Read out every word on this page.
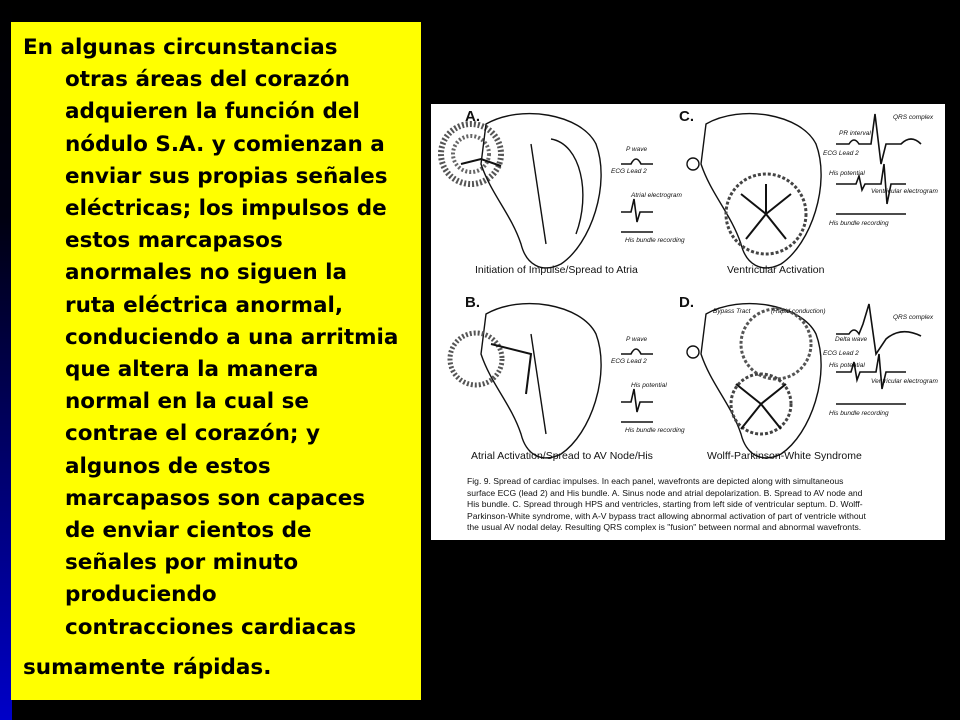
En algunas circunstancias
otras áreas del corazón
adquieren la función del
nódulo S.A. y comienzan a
enviar sus propias señales
eléctricas; los impulsos de
estos marcapasos
anormales no siguen la
ruta eléctrica anormal,
conduciendo a una arritmia
que altera la manera
normal en la cual se
contrae el corazón; y
algunos de estos
marcapasos son capaces
de enviar cientos de
señales por minuto
produciendo
contracciones cardiacas

sumamente rápidas.

A.	C.
B.	D.
Initiation of Impulse/Spread to Atria	Ventricular Activation
Atrial Activation/Spread to AV Node/His	Wolff-Parkinson-White Syndrome
P wave
ECG Lead 2
Atrial electrogram
His bundle recording
PR interval
QRS complex
ECG Lead 2
His potential
Ventricular electrogram
His bundle recording
P wave
ECG Lead 2
His potential
His bundle recording
Bypass Tract	(Rapid conduction)
QRS complex
Delta wave
ECG Lead 2
His potential
Ventricular electrogram
His bundle recording
Fig. 9. Spread of cardiac impulses. In each panel, wavefronts are depicted along with simultaneous
surface ECG (lead 2) and His bundle. A. Sinus node and atrial depolarization. B. Spread to AV node and
His bundle. C. Spread through HPS and ventricles, starting from left side of ventricular septum. D. Wolff-
Parkinson-White syndrome, with A-V bypass tract allowing abnormal activation of part of ventricle without
the usual AV nodal delay. Resulting QRS complex is "fusion" between normal and abnormal wavefronts.
